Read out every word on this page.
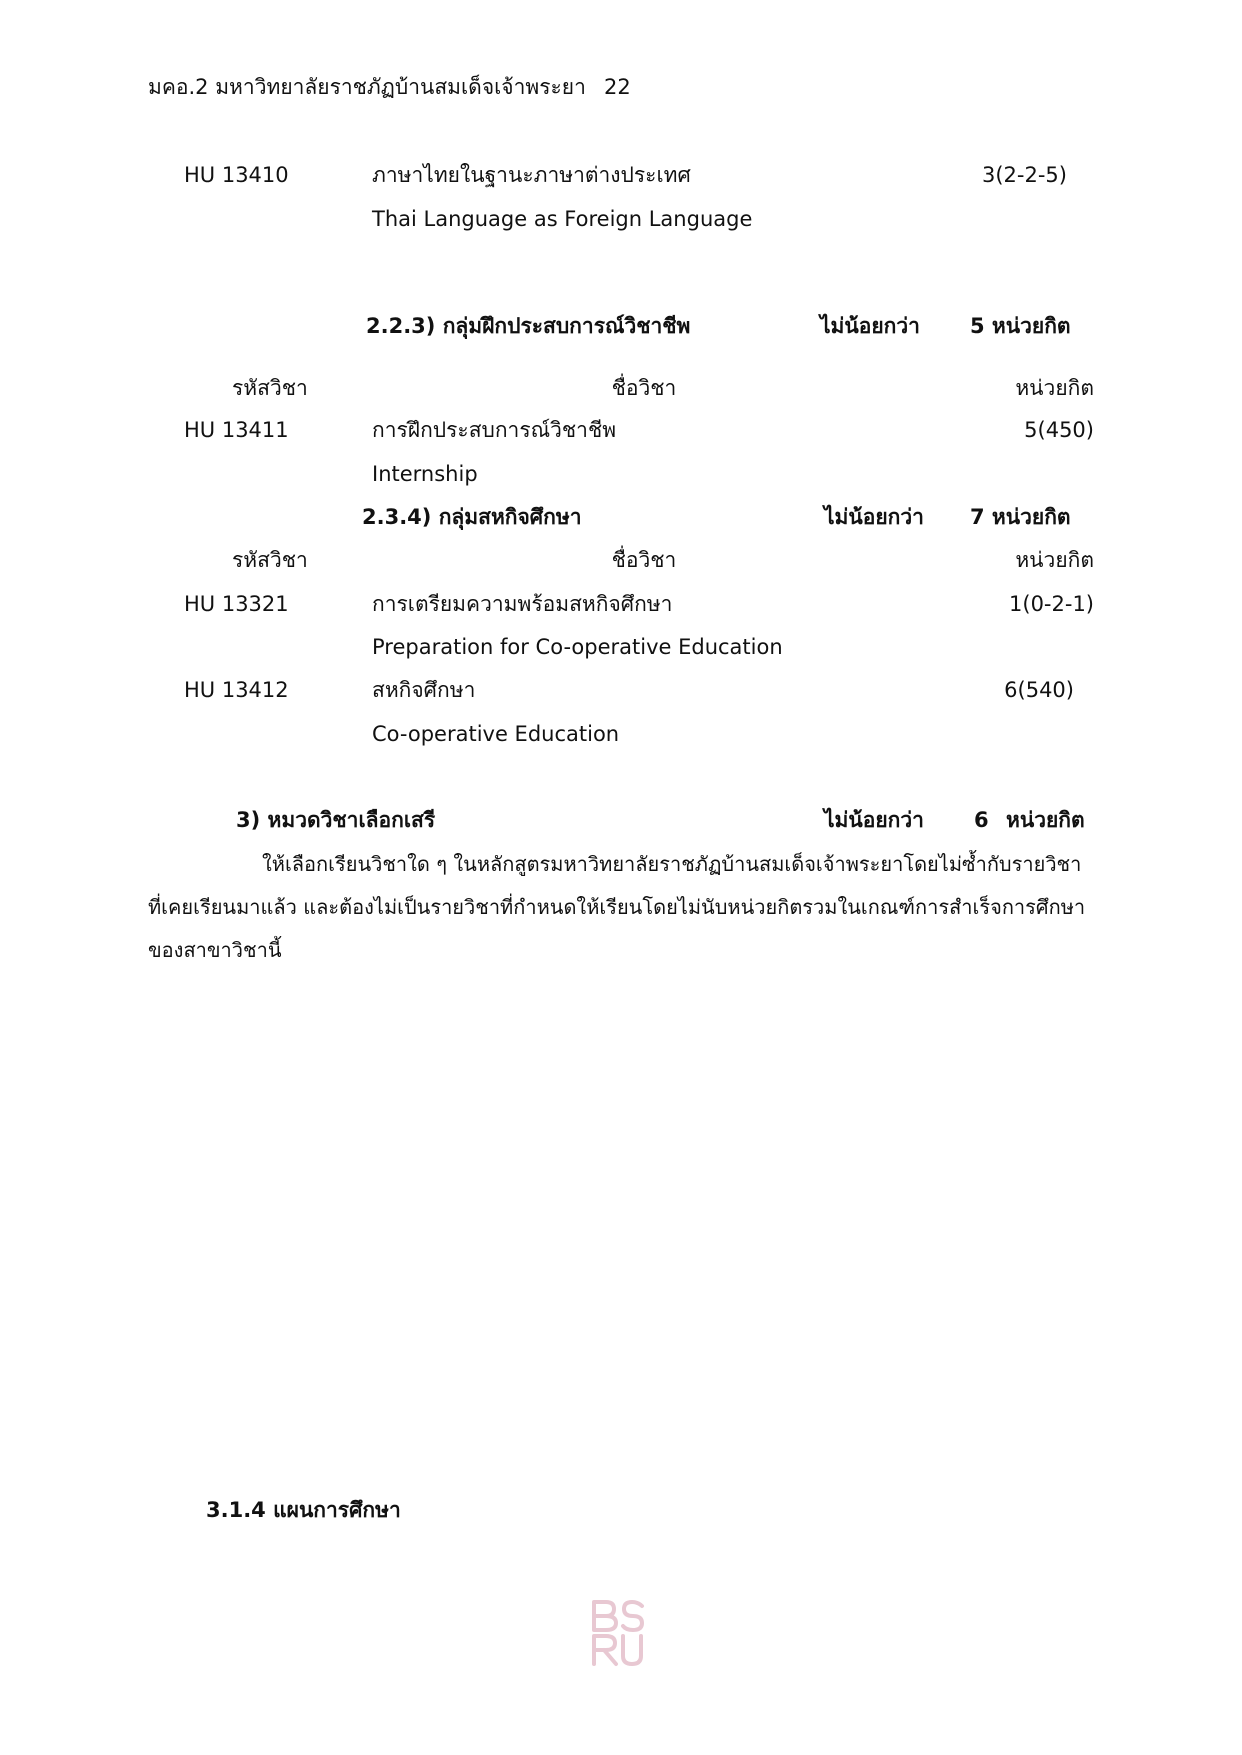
มคอ.2 มหาวิทยาลัยราชภัฏบ้านสมเด็จเจ้าพระยา 22
HU 13410	ภาษาไทยในฐานะภาษาต่างประเทศ	3(2-2-5)
Thai Language as Foreign Language
2.2.3) กลุ่มฝึกประสบการณ์วิชาชีพ	ไม่น้อยกว่า 5 หน่วยกิต
รหัสวิชา	ชื่อวิชา	หน่วยกิต
HU 13411	การฝึกประสบการณ์วิชาชีพ	5(450)
Internship
2.3.4) กลุ่มสหกิจศึกษา	ไม่น้อยกว่า 7 หน่วยกิต
รหัสวิชา	ชื่อวิชา	หน่วยกิต
HU 13321	การเตรียมความพร้อมสหกิจศึกษา	1(0-2-1)
Preparation for Co-operative Education
HU 13412	สหกิจศึกษา	6(540)
Co-operative Education
3) หมวดวิชาเลือกเสรี	ไม่น้อยกว่า 6 หน่วยกิต
ให้เลือกเรียนวิชาใด ๆ ในหลักสูตรมหาวิทยาลัยราชภัฏบ้านสมเด็จเจ้าพระยาโดยไม่ซ้ำกับรายวิชา
ที่เคยเรียนมาแล้ว และต้องไม่เป็นรายวิชาที่กำหนดให้เรียนโดยไม่นับหน่วยกิตรวมในเกณฑ์การสำเร็จการศึกษา
ของสาขาวิชานี้
3.1.4 แผนการศึกษา
